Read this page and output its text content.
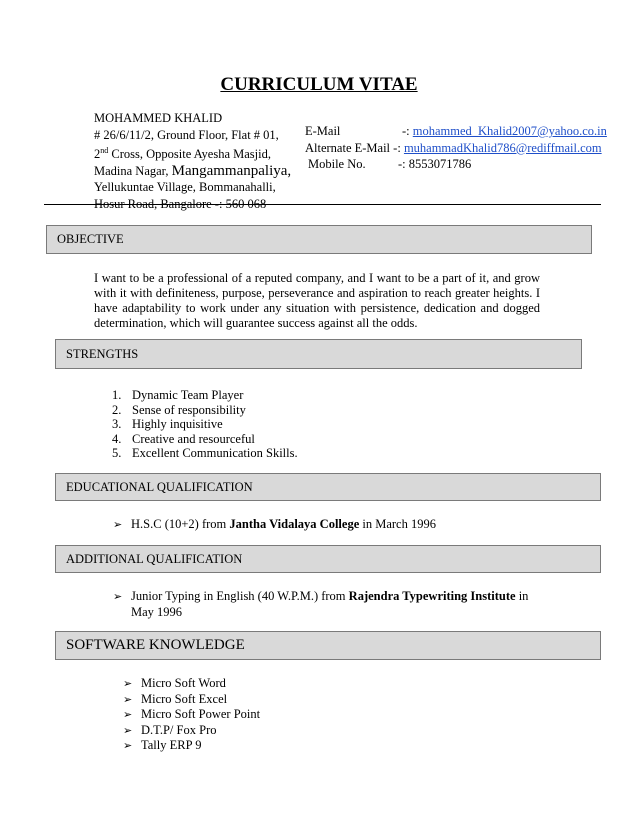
CURRICULUM VITAE
MOHAMMED KHALID
# 26/6/11/2, Ground Floor, Flat # 01,
2nd Cross, Opposite Ayesha Masjid,
Madina Nagar, Mangammanpaliya,
Yellukuntae Village, Bommanahalli,
Hosur Road, Bangalore -: 560 068
E-Mail	-: mohammed_Khalid2007@yahoo.co.in
Alternate E-Mail -: muhammadKhalid786@rediffmail.com
Mobile No.	-: 8553071786
OBJECTIVE
I want to be a professional of a reputed company, and I want to be a part of it, and grow with it with definiteness, purpose, perseverance and aspiration to reach greater heights. I have adaptability to work under any situation with persistence, dedication and dogged determination, which will guarantee success against all the odds.
STRENGTHS
1. Dynamic Team Player
2. Sense of responsibility
3. Highly inquisitive
4. Creative and resourceful
5. Excellent Communication Skills.
EDUCATIONAL QUALIFICATION
➢ H.S.C (10+2) from Jantha Vidalaya College in March 1996
ADDITIONAL QUALIFICATION
➢ Junior Typing in English (40 W.P.M.) from Rajendra Typewriting Institute in
May 1996
SOFTWARE KNOWLEDGE
➢ Micro Soft Word
➢ Micro Soft Excel
➢ Micro Soft Power Point
➢ D.T.P/ Fox Pro
➢ Tally ERP 9
